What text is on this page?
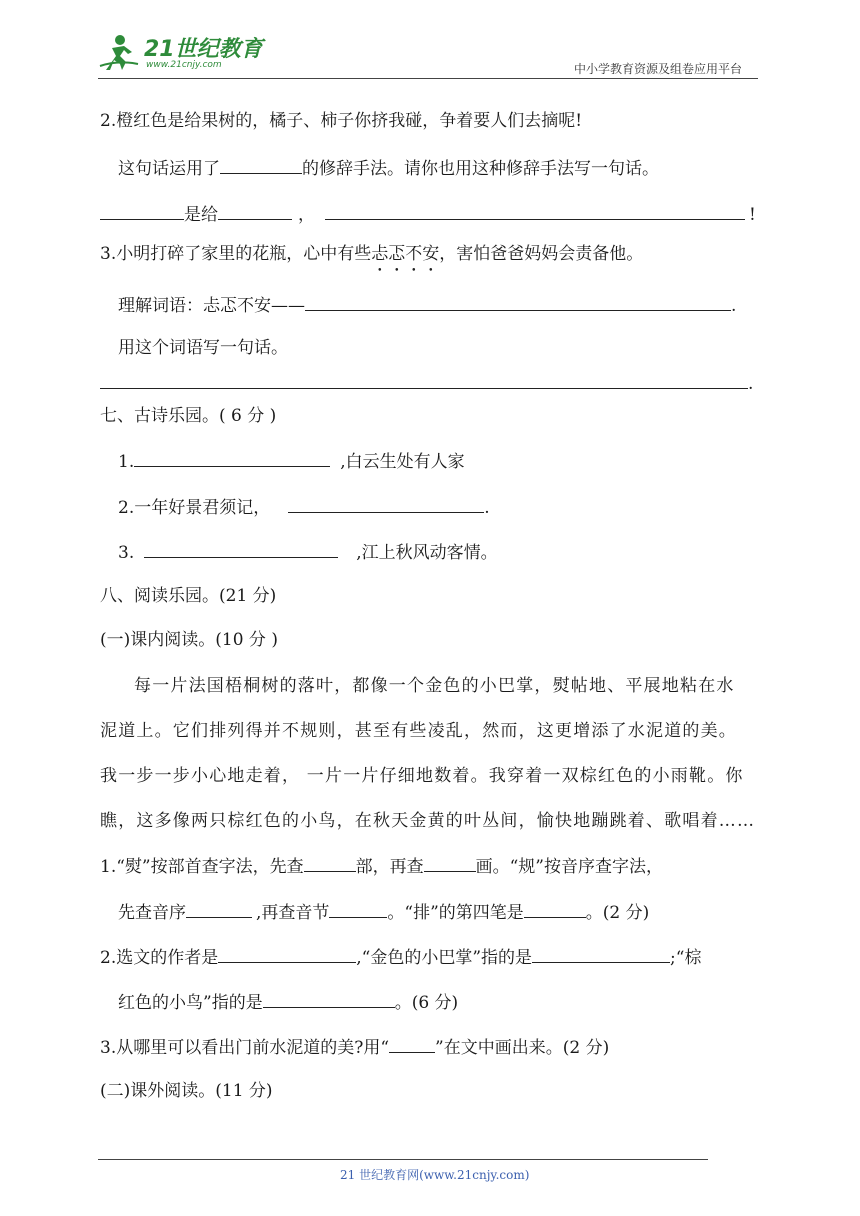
21世纪教育
www.21cnjy.com	中小学教育资源及组卷应用平台
2.橙红色是给果树的，橘子、柿子你挤我碰，争着要人们去摘呢!
这句话运用了	的修辞手法。请你也用这种修辞手法写一句话。
是给	，	!
3.小明打碎了家里的花瓶，心中有些忐忑不安，害怕爸爸妈妈会责备他。
理解词语：忐忑不安——	.
用这个词语写一句话。
.
七、古诗乐园。( 6 分 )
1.	,白云生处有人家
2.一年好景君须记，	.
3.	,江上秋风动客情。
八、阅读乐园。(21 分)
(一)课内阅读。(10 分 )
每一片法国梧桐树的落叶，都像一个金色的小巴掌，熨帖地、平展地粘在水
泥道上。它们排列得并不规则，甚至有些凌乱，然而，这更增添了水泥道的美。
我一步一步小心地走着， 一片一片仔细地数着。我穿着一双棕红色的小雨靴。你
瞧，这多像两只棕红色的小鸟，在秋天金黄的叶丛间，愉快地蹦跳着、歌唱着……
1.“熨”按部首查字法，先查	部，再查	画。“规”按音序查字法，
先查音序	,再查音节	。“排”的第四笔是	。(2 分)
2.选文的作者是	,“金色的小巴掌”指的是	;“棕
红色的小鸟”指的是	。(6 分)
3.从哪里可以看出门前水泥道的美?用“	”在文中画出来。(2 分)
(二)课外阅读。(11 分)
21 世纪教育网(www.21cnjy.com)
